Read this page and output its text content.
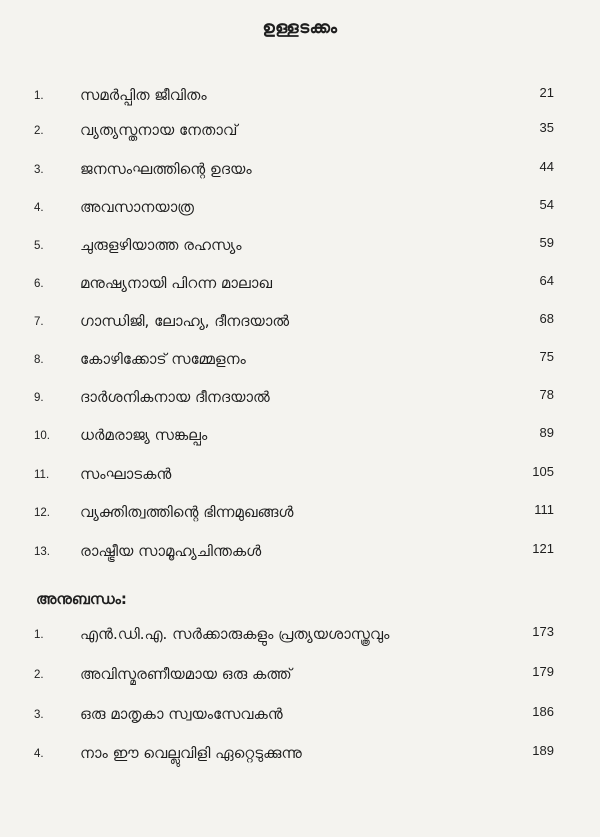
ഉള്ളടക്കം
1. സമർപ്പിത ജീവിതം	21
2. വ്യത്യസ്തനായ നേതാവ്	35
3. ജനസംഘത്തിന്റെ ഉദയം	44
4. അവസാനയാത്ര	54
5. ചുരുളഴിയാത്ത രഹസ്യം	59
6. മനുഷ്യനായി പിറന്ന മാലാഖ	64
7. ഗാന്ധിജി, ലോഹ്യ, ദീനദയാൽ	68
8. കോഴിക്കോട് സമ്മേളനം	75
9. ദാർശനികനായ ദീനദയാൽ	78
10. ധർമരാജ്യ സങ്കല്പം	89
11. സംഘാടകൻ	105
12. വ്യക്തിത്വത്തിന്റെ ഭിന്നമുഖങ്ങൾ	111
13. രാഷ്ട്രീയ സാമൂഹ്യചിന്തകൾ	121
അനുബന്ധം:
1. എൻ.ഡി.എ. സർക്കാരുകളും പ്രത്യയശാസ്ത്രവും	173
2. അവിസ്മരണീയമായ ഒരു കത്ത്	179
3. ഒരു മാതൃകാ സ്വയംസേവകൻ	186
4. നാം ഈ വെല്ലുവിളി ഏറ്റെടുക്കുന്നു	189
